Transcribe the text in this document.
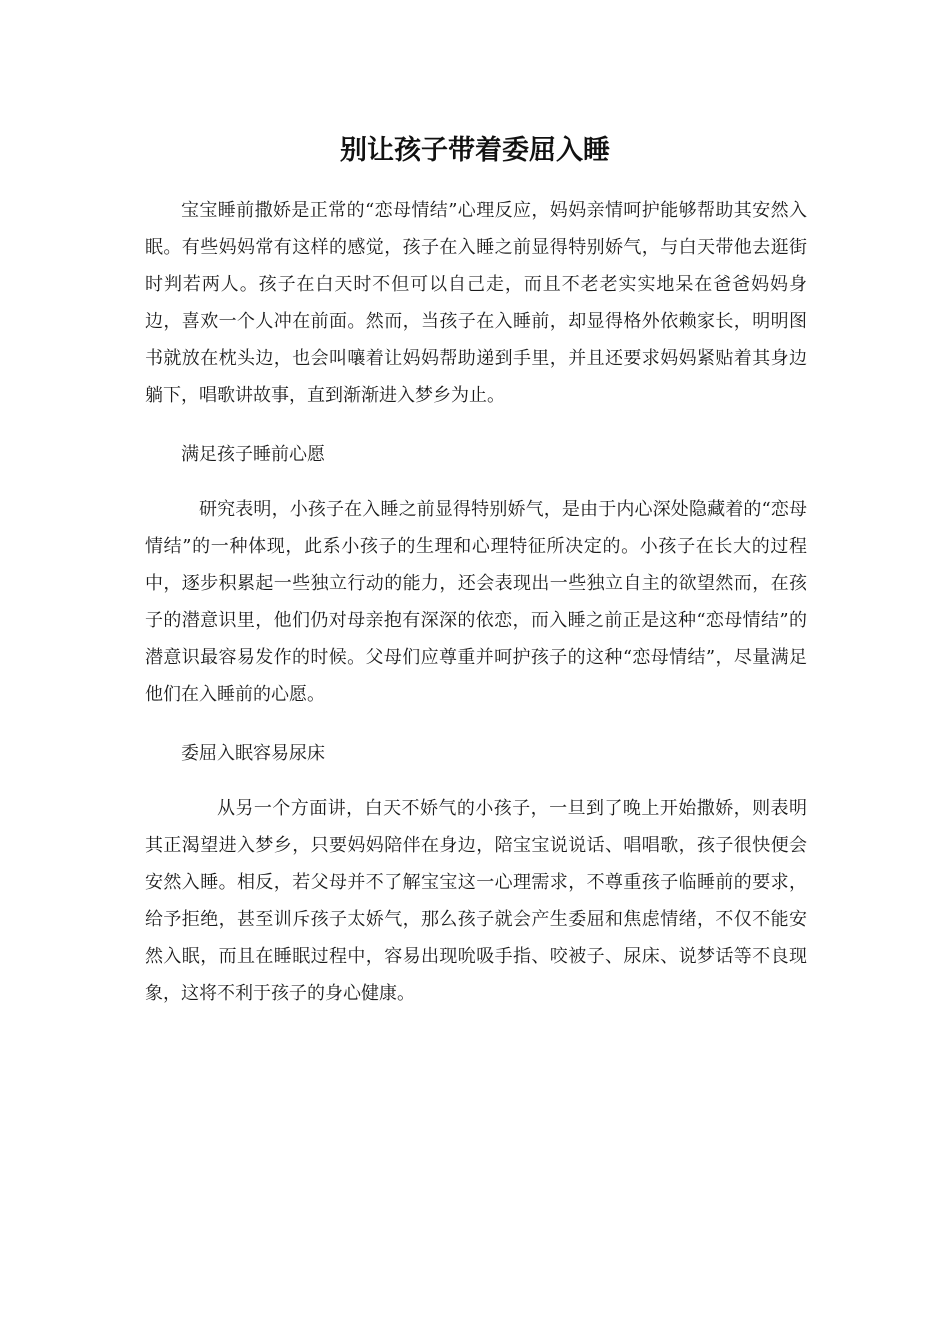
别让孩子带着委屈入睡

宝宝睡前撒娇是正常的“恋母情结”心理反应，妈妈亲情呵护能够帮助其安然入眠。有些妈妈常有这样的感觉，孩子在入睡之前显得特别娇气，与白天带他去逛街时判若两人。孩子在白天时不但可以自己走，而且不老老实实地呆在爸爸妈妈身边，喜欢一个人冲在前面。然而，当孩子在入睡前，却显得格外依赖家长，明明图书就放在枕头边，也会叫嚷着让妈妈帮助递到手里，并且还要求妈妈紧贴着其身边躺下，唱歌讲故事，直到渐渐进入梦乡为止。

满足孩子睡前心愿

研究表明，小孩子在入睡之前显得特别娇气，是由于内心深处隐藏着的“恋母情结”的一种体现，此系小孩子的生理和心理特征所决定的。小孩子在长大的过程中，逐步积累起一些独立行动的能力，还会表现出一些独立自主的欲望然而，在孩子的潜意识里，他们仍对母亲抱有深深的依恋，而入睡之前正是这种“恋母情结”的潜意识最容易发作的时候。父母们应尊重并呵护孩子的这种“恋母情结”，尽量满足他们在入睡前的心愿。

委屈入眠容易尿床

从另一个方面讲，白天不娇气的小孩子，一旦到了晚上开始撒娇，则表明其正渴望进入梦乡，只要妈妈陪伴在身边，陪宝宝说说话、唱唱歌，孩子很快便会安然入睡。相反，若父母并不了解宝宝这一心理需求，不尊重孩子临睡前的要求，给予拒绝，甚至训斥孩子太娇气，那么孩子就会产生委屈和焦虑情绪，不仅不能安然入眠，而且在睡眠过程中，容易出现吮吸手指、咬被子、尿床、说梦话等不良现象，这将不利于孩子的身心健康。
